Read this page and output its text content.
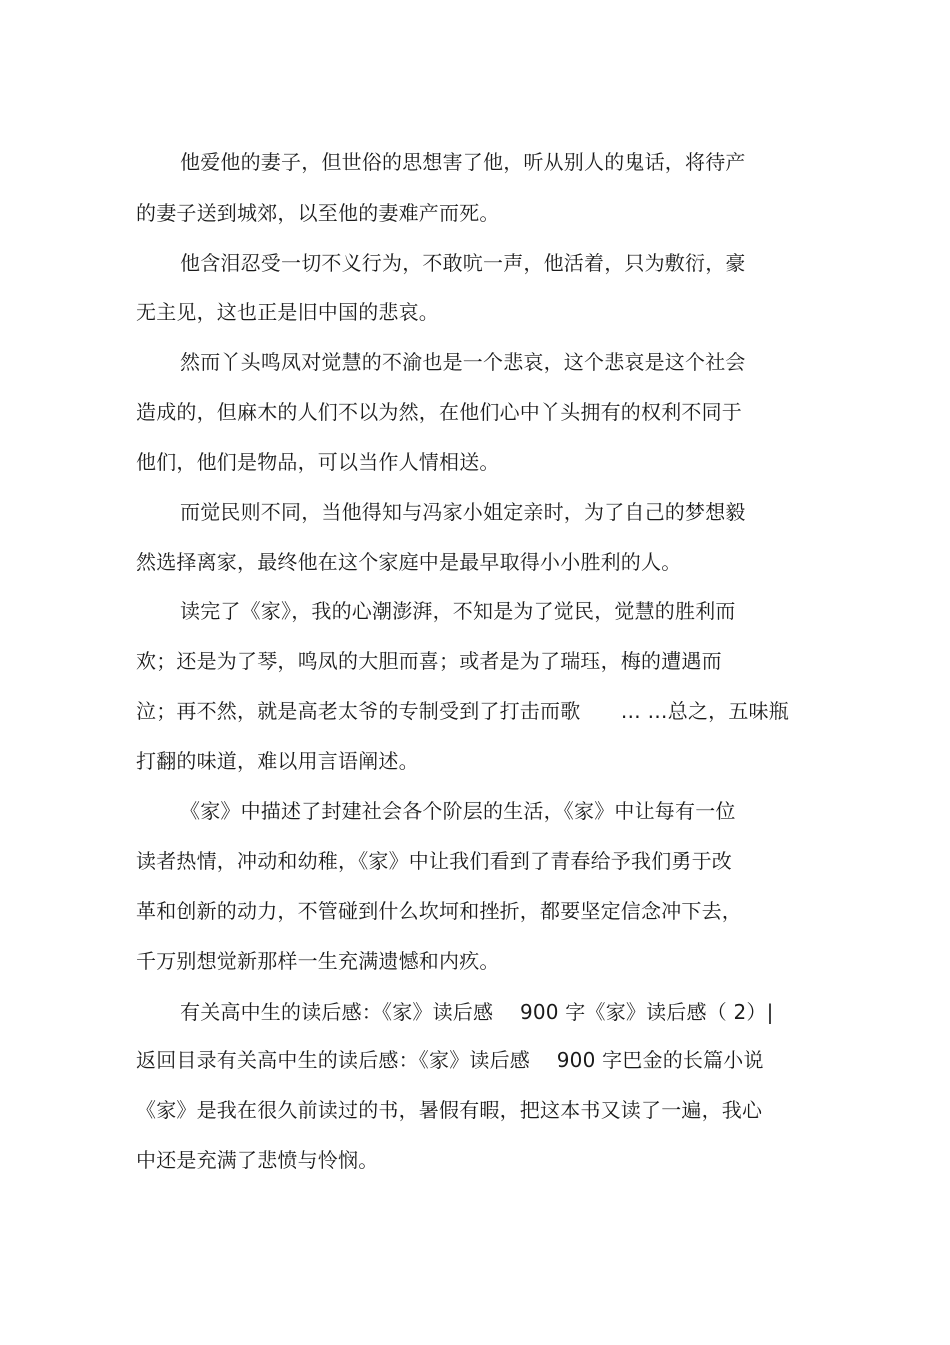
他爱他的妻子，但世俗的思想害了他，听从别人的鬼话，将待产
的妻子送到城郊，以至他的妻难产而死。
他含泪忍受一切不义行为，不敢吭一声，他活着，只为敷衍，豪
无主见，这也正是旧中国的悲哀。
然而丫头鸣凤对觉慧的不渝也是一个悲哀，这个悲哀是这个社会
造成的，但麻木的人们不以为然，在他们心中丫头拥有的权利不同于
他们，他们是物品，可以当作人情相送。
而觉民则不同，当他得知与冯家小姐定亲时，为了自己的梦想毅
然选择离家，最终他在这个家庭中是最早取得小小胜利的人。
读完了《家》，我的心潮澎湃，不知是为了觉民，觉慧的胜利而
欢；还是为了琴，鸣凤的大胆而喜；或者是为了瑞珏，梅的遭遇而
泣；再不然，就是高老太爷的专制受到了打击而歌　　… …总之，五味瓶
打翻的味道，难以用言语阐述。
《家》中描述了封建社会各个阶层的生活，《家》中让每有一位
读者热情，冲动和幼稚，《家》中让我们看到了青春给予我们勇于改
革和创新的动力，不管碰到什么坎坷和挫折，都要坚定信念冲下去，
千万别想觉新那样一生充满遗憾和内疚。
有关高中生的读后感：《家》读后感　 900 字《家》读后感（ 2）|
返回目录有关高中生的读后感：《家》读后感　 900 字巴金的长篇小说
《家》是我在很久前读过的书，暑假有暇，把这本书又读了一遍，我心
中还是充满了悲愤与怜悯。
